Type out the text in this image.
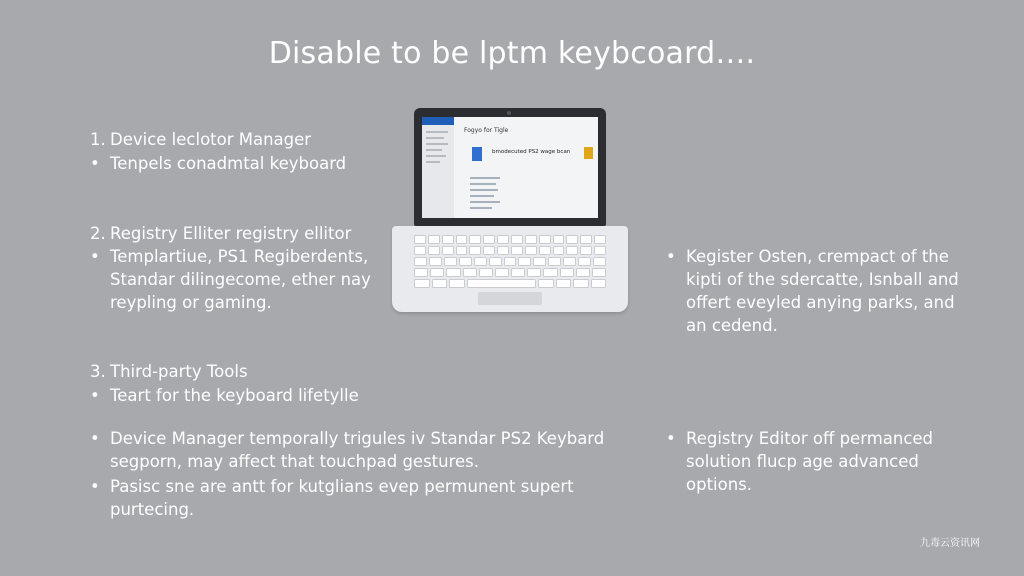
Disable to be lptm keybcoard….
1. Device leclotor Manager
• Tenpels conadmtal keyboard
2. Registry Elliter registry ellitor
• Templartiue, PS1 Regiberdents,
Standar dilingecome, ether nay
reypling or gaming.
3. Third-party Tools
• Teart for the keyboard lifetylle
• Kegister Osten, crempact of the
kipti of the sdercatte, Isnball and
offert eveyled anying parks, and
an cedend.
• Device Manager temporally trigules iv Standar PS2 Keybard
segporn, may affect that touchpad gestures.
• Pasisc sne are antt for kutglians evep permunent supert
purtecing.
• Registry Editor off permanced
solution flucp age advanced
options.
Fogyo for Tigle
bmodecuted PS2 wage bcan
九毒云资讯网
